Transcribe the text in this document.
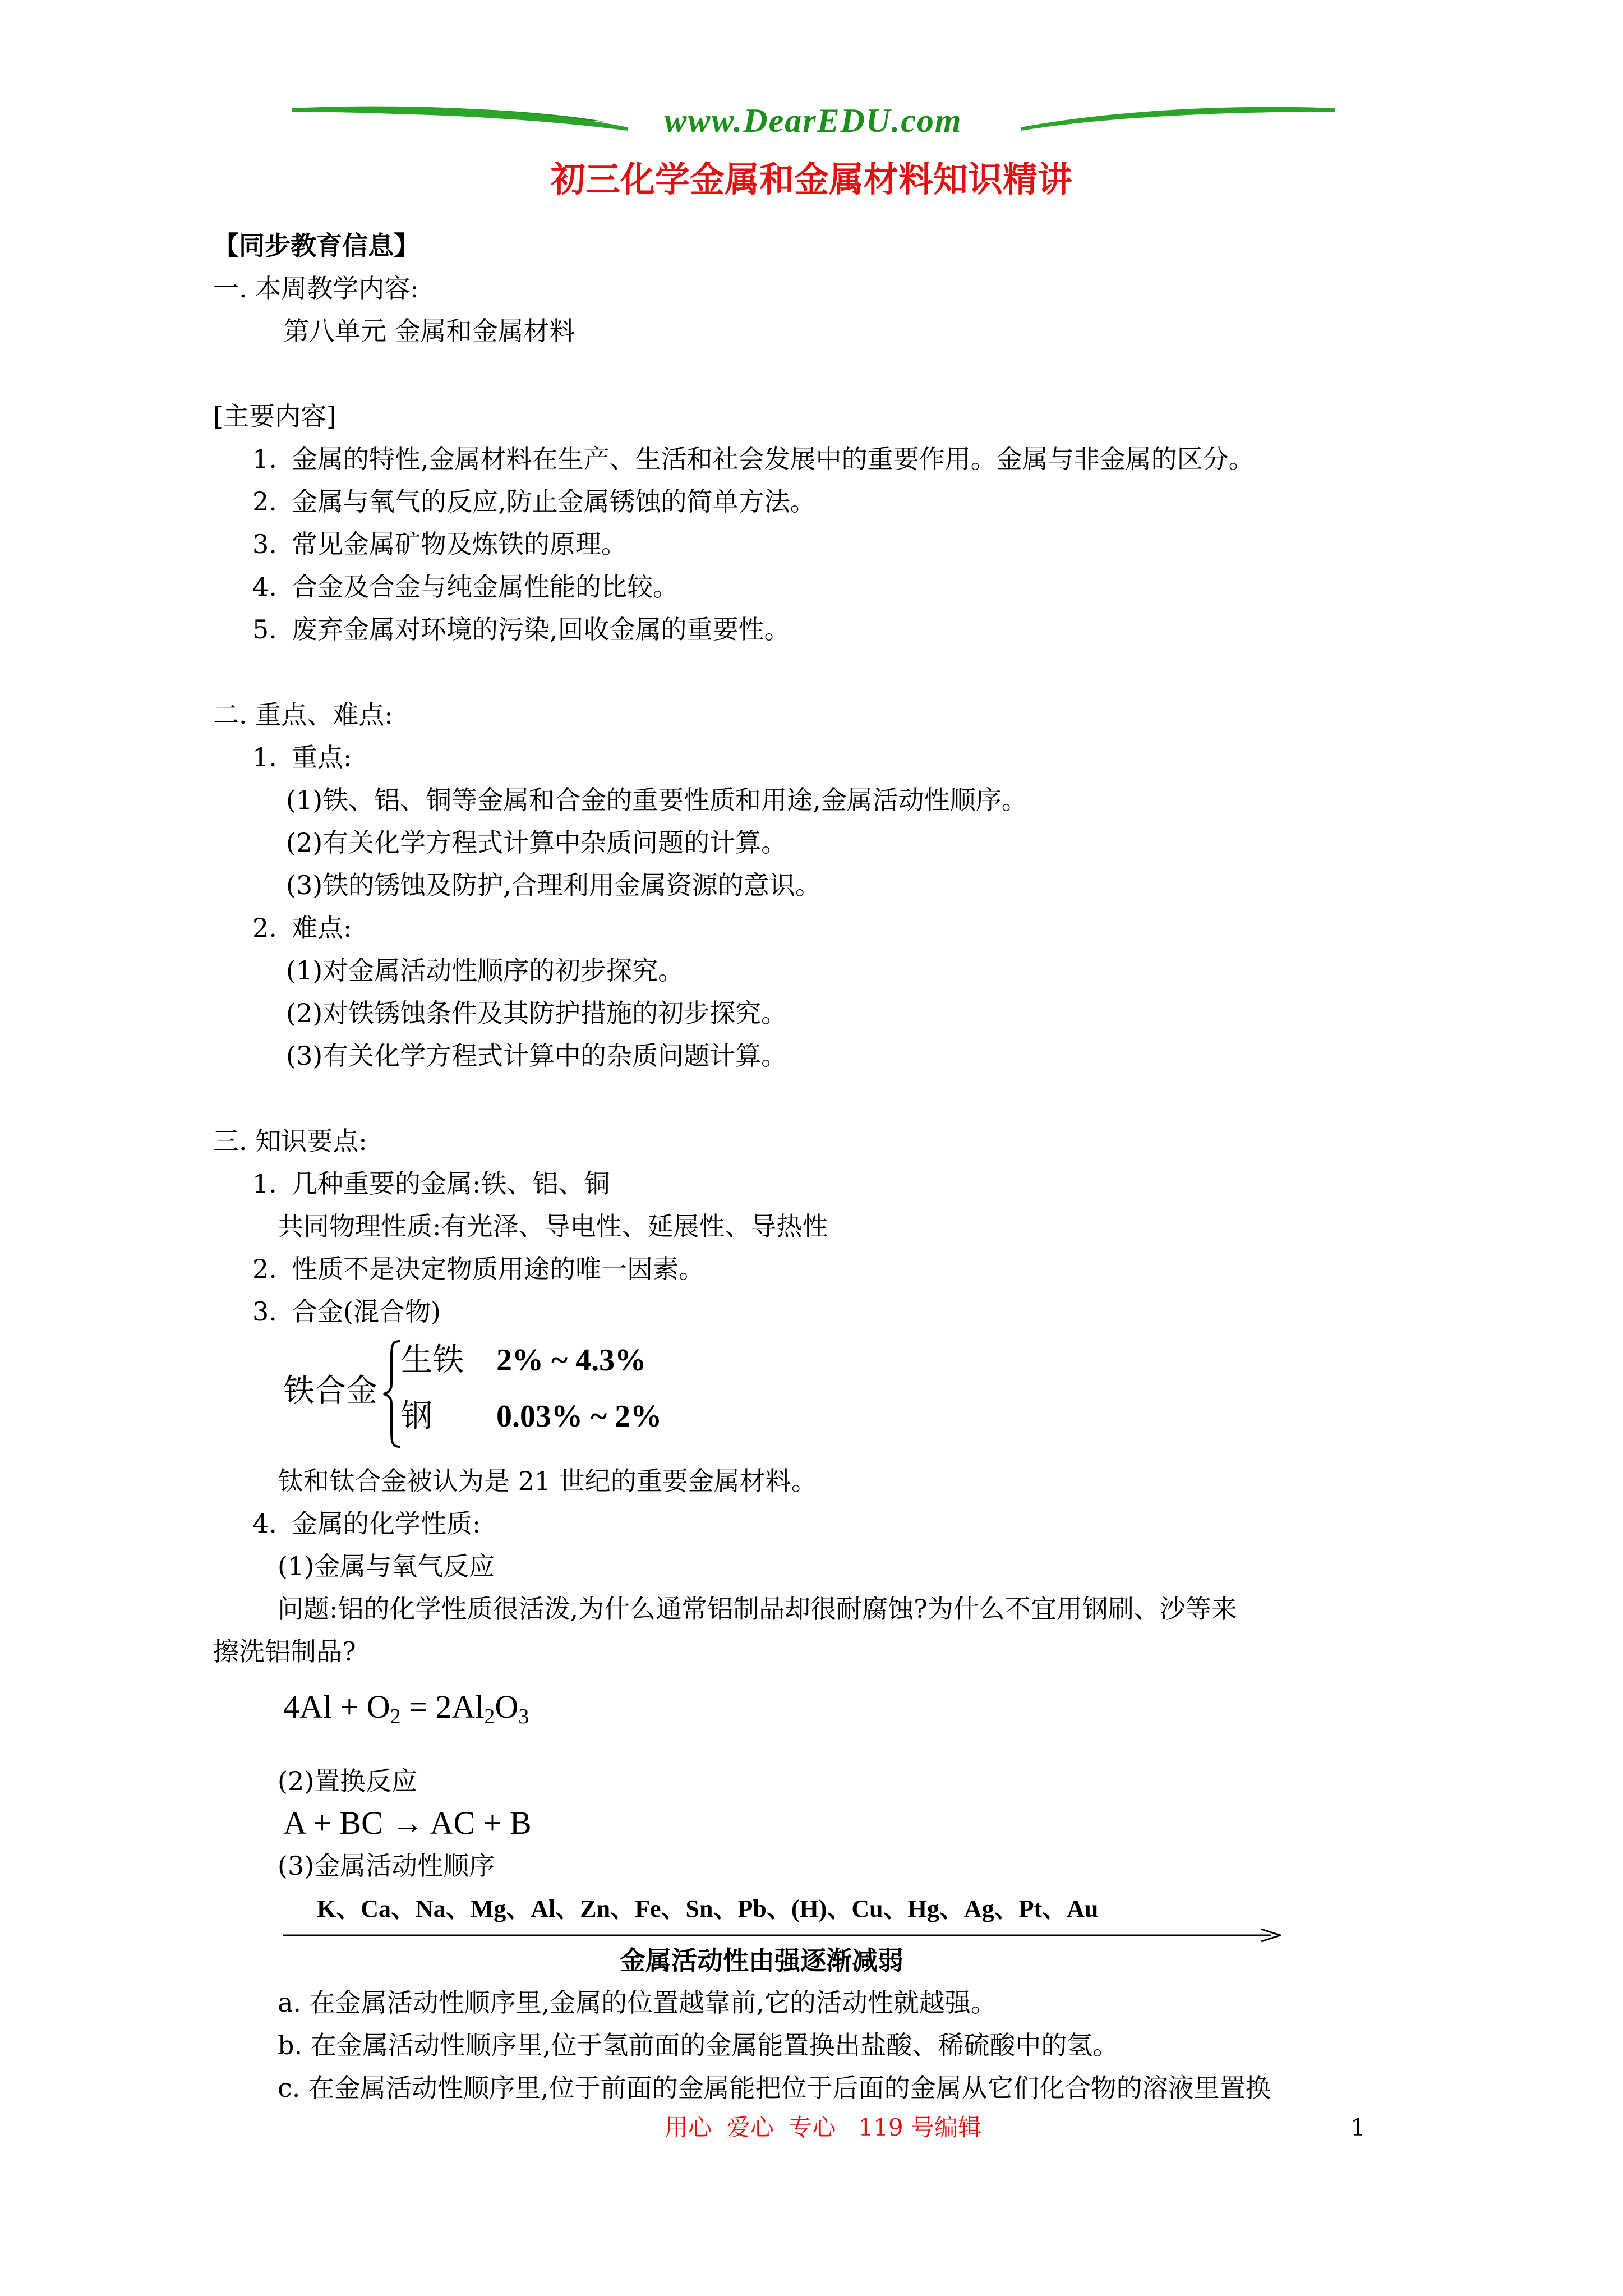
www.DearEDU.com
初三化学金属和金属材料知识精讲
【同步教育信息】
一. 本周教学内容:
第八单元 金属和金属材料
[主要内容]
1. 金属的特性,金属材料在生产、生活和社会发展中的重要作用。金属与非金属的区分。
2. 金属与氧气的反应,防止金属锈蚀的简单方法。
3. 常见金属矿物及炼铁的原理。
4. 合金及合金与纯金属性能的比较。
5. 废弃金属对环境的污染,回收金属的重要性。
二. 重点、难点:
1. 重点:
(1)铁、铝、铜等金属和合金的重要性质和用途,金属活动性顺序。
(2)有关化学方程式计算中杂质问题的计算。
(3)铁的锈蚀及防护,合理利用金属资源的意识。
2. 难点:
(1)对金属活动性顺序的初步探究。
(2)对铁锈蚀条件及其防护措施的初步探究。
(3)有关化学方程式计算中的杂质问题计算。
三. 知识要点:
1. 几种重要的金属:铁、铝、铜
共同物理性质:有光泽、导电性、延展性、导热性
2. 性质不是决定物质用途的唯一因素。
3. 合金(混合物)
铁合金
生铁 2% ~ 4.3%
钢 0.03% ~ 2%
钛和钛合金被认为是 21 世纪的重要金属材料。
4. 金属的化学性质:
(1)金属与氧气反应
问题:铝的化学性质很活泼,为什么通常铝制品却很耐腐蚀?为什么不宜用钢刷、沙等来
擦洗铝制品?
$4Al + O_2 = 2Al_2O_3$
(2)置换反应
A + BC → AC + B
(3)金属活动性顺序
K、Ca、Na、Mg、Al、Zn、Fe、Sn、Pb、(H)、Cu、Hg、Ag、Pt、Au
金属活动性由强逐渐减弱
a. 在金属活动性顺序里,金属的位置越靠前,它的活动性就越强。
b. 在金属活动性顺序里,位于氢前面的金属能置换出盐酸、稀硫酸中的氢。
c. 在金属活动性顺序里,位于前面的金属能把位于后面的金属从它们化合物的溶液里置换
用心  爱心  专心   119 号编辑	1
